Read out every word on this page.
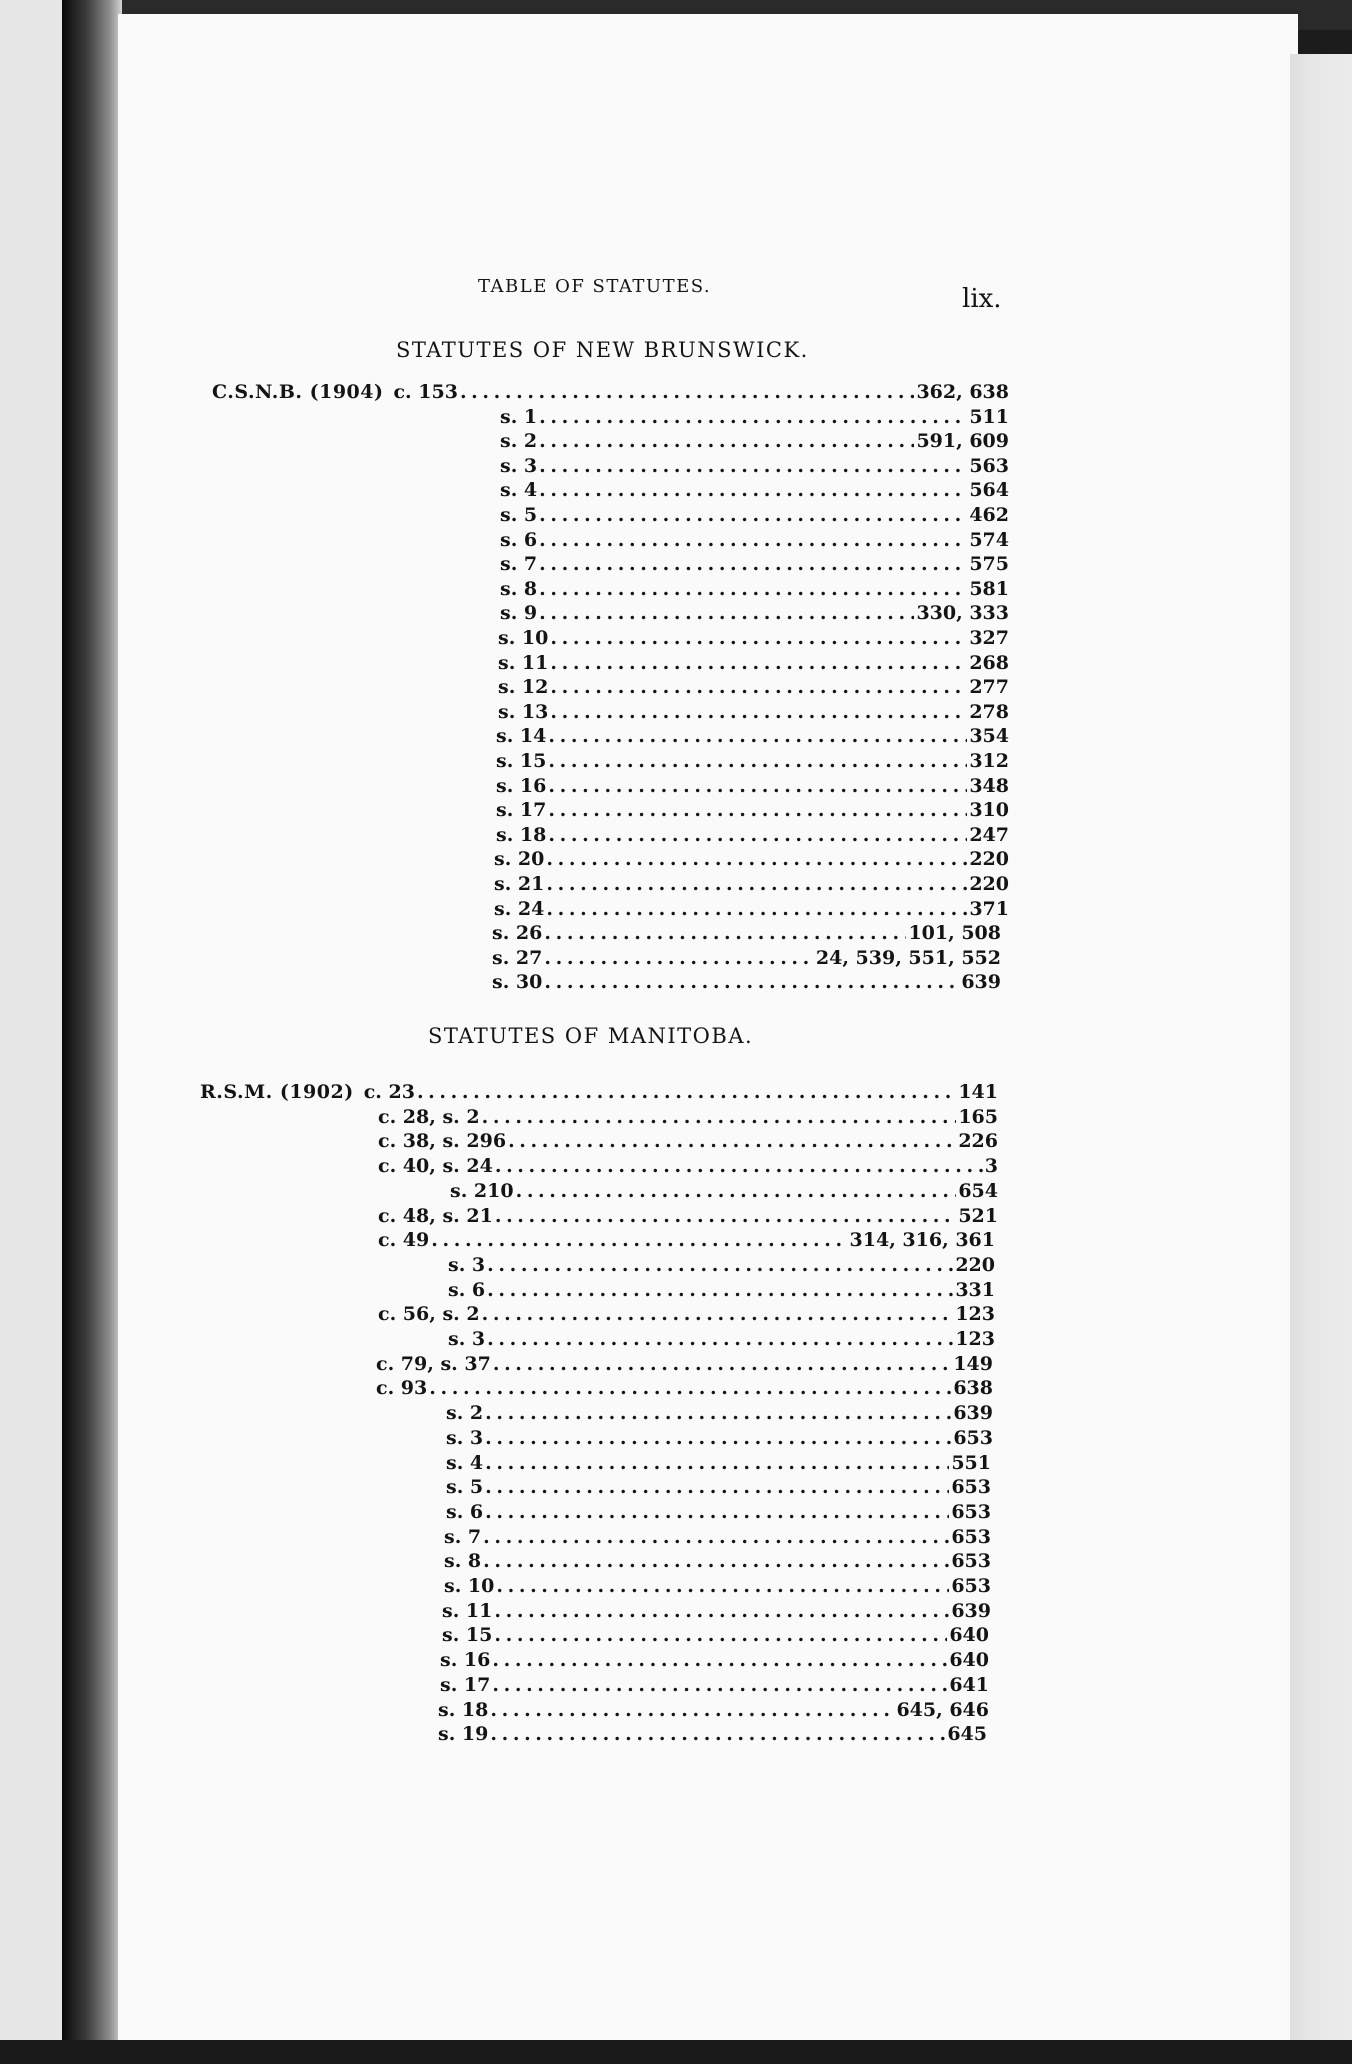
TABLE OF STATUTES.	lix.
STATUTES OF NEW BRUNSWICK.
C.S.N.B. (1904) c. 153 . . .	362, 638
s. 1 . . .	511
s. 2 . . .	591, 609
s. 3 . . .	563
s. 4 . . .	564
s. 5 . . .	462
s. 6 . . .	574
s. 7 . . .	575
s. 8 . . .	581
s. 9 . . .	330, 333
s. 10 . . .	327
s. 11 . . .	268
s. 12 . . .	277
s. 13 . . .	278
s. 14 . . .	354
s. 15 . . .	312
s. 16 . . .	348
s. 17 . . .	310
s. 18 . . .	247
s. 20 . . .	220
s. 21 . . .	220
s. 24 . . .	371
s. 26 . . .	101, 508
s. 27 . . .	24, 539, 551, 552
s. 30 . . .	639
STATUTES OF MANITOBA.
R.S.M. (1902) c. 23 . . .	141
c. 28, s. 2 . . .	165
c. 38, s. 296 . . .	226
c. 40, s. 24 . . .	3
s. 210 . . .	654
c. 48, s. 21 . . .	521
c. 49 . . .	314, 316, 361
s. 3 . . .	220
s. 6 . . .	331
c. 56, s. 2 . . .	123
s. 3 . . .	123
c. 79, s. 37 . . .	149
c. 93 . . .	638
s. 2 . . .	639
s. 3 . . .	653
s. 4 . . .	551
s. 5 . . .	653
s. 6 . . .	653
s. 7 . . .	653
s. 8 . . .	653
s. 10 . . .	653
s. 11 . . .	639
s. 15 . . .	640
s. 16 . . .	640
s. 17 . . .	641
s. 18 . . .	645, 646
s. 19 . . .	645
